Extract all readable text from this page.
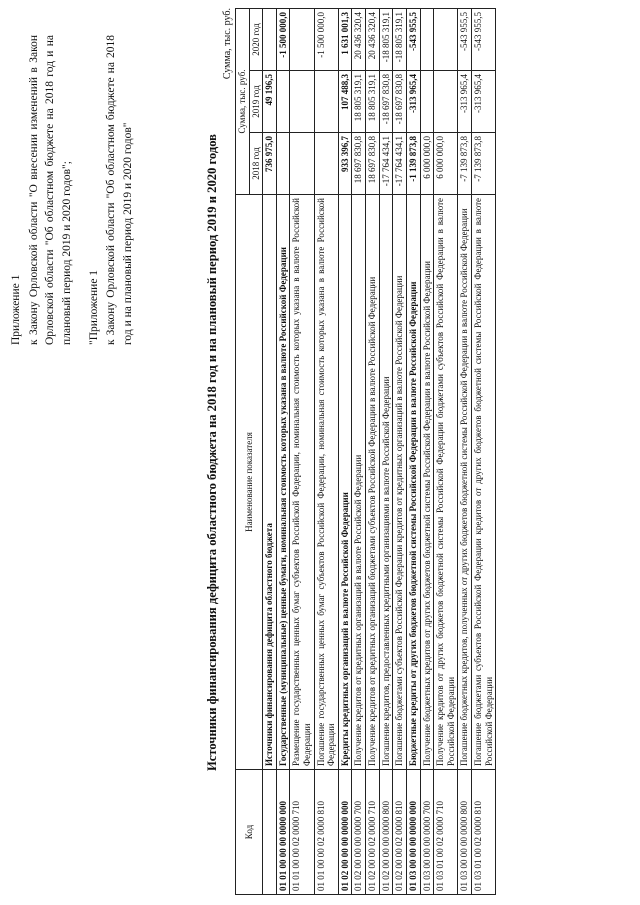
Приложение 1 к Закону Орловской области "О внесении изменений в Закон Орловской области "Об областном бюджете на 2018 год и на плановый период 2019 и 2020 годов"; "Приложение 1 к Закону Орловской области "Об областном бюджете на 2018 год и на плановый период 2019 и 2020 годов"	Источники финансирования дефицита областного бюджета на 2018 год и на плановый период 2019 и 2020 годов
Сумма, тыс. руб.
Код	Наименование показателя	Сумма, тыс. руб.		
		2018 год	2019 год	2020 год
	Источники финансирования дефицита областного бюджета	736 975,0	49 196,5	
01 01 00 00 00 0000 000	Государственные (муниципальные) ценные бумаги, номинальная стоимость которых указана в валюте Российской Федерации			-1 500 000,0
01 01 00 00 02 0000 710	Размещение государственных ценных бумаг субъектов Российской Федерации, номинальная стоимость которых указана в валюте Российской Федерации			
01 01 00 00 02 0000 810	Погашение государственных ценных бумаг субъектов Российской Федерации, номинальная стоимость которых указана в валюте Российской Федерации			-1 500 000,0
01 02 00 00 00 0000 000	Кредиты кредитных организаций в валюте Российской Федерации	933 396,7	107 488,3	1 631 001,3
01 02 00 00 00 0000 700	Получение кредитов от кредитных организаций в валюте Российской Федерации	18 697 830,8	18 805 319,1	20 436 320,4
01 02 00 00 02 0000 710	Получение кредитов от кредитных организаций бюджетами субъектов Российской Федерации в валюте Российской Федерации	18 697 830,8	18 805 319,1	20 436 320,4
01 02 00 00 00 0000 800	Погашение кредитов, предоставленных кредитными организациями в валюте Российской Федерации	-17 764 434,1	-18 697 830,8	-18 805 319,1
01 02 00 00 02 0000 810	Погашение бюджетами субъектов Российской Федерации кредитов от кредитных организаций в валюте Российской Федерации	-17 764 434,1	-18 697 830,8	-18 805 319,1
01 03 00 00 00 0000 000	Бюджетные кредиты от других бюджетов бюджетной системы Российской Федерации в валюте Российской Федерации	-1 139 873,8	-313 965,4	-543 955,5
01 03 00 00 00 0000 700	Получение бюджетных кредитов от других бюджетов бюджетной системы Российской Федерации в валюте Российской Федерации	6 000 000,0		
01 03 01 00 02 0000 710	Получение кредитов от других бюджетов бюджетной системы Российской Федерации бюджетами субъектов Российской Федерации в валюте Российской Федерации	6 000 000,0		
01 03 00 00 00 0000 800	Погашение бюджетных кредитов, полученных от других бюджетов бюджетной системы Российской Федерации в валюте Российской Федерации	-7 139 873,8	-313 965,4	-543 955,5
01 03 01 00 02 0000 810	Погашение бюджетами субъектов Российской Федерации кредитов от других бюджетов бюджетной системы Российской Федерации в валюте Российской Федерации	-7 139 873,8	-313 965,4	-543 955,5
